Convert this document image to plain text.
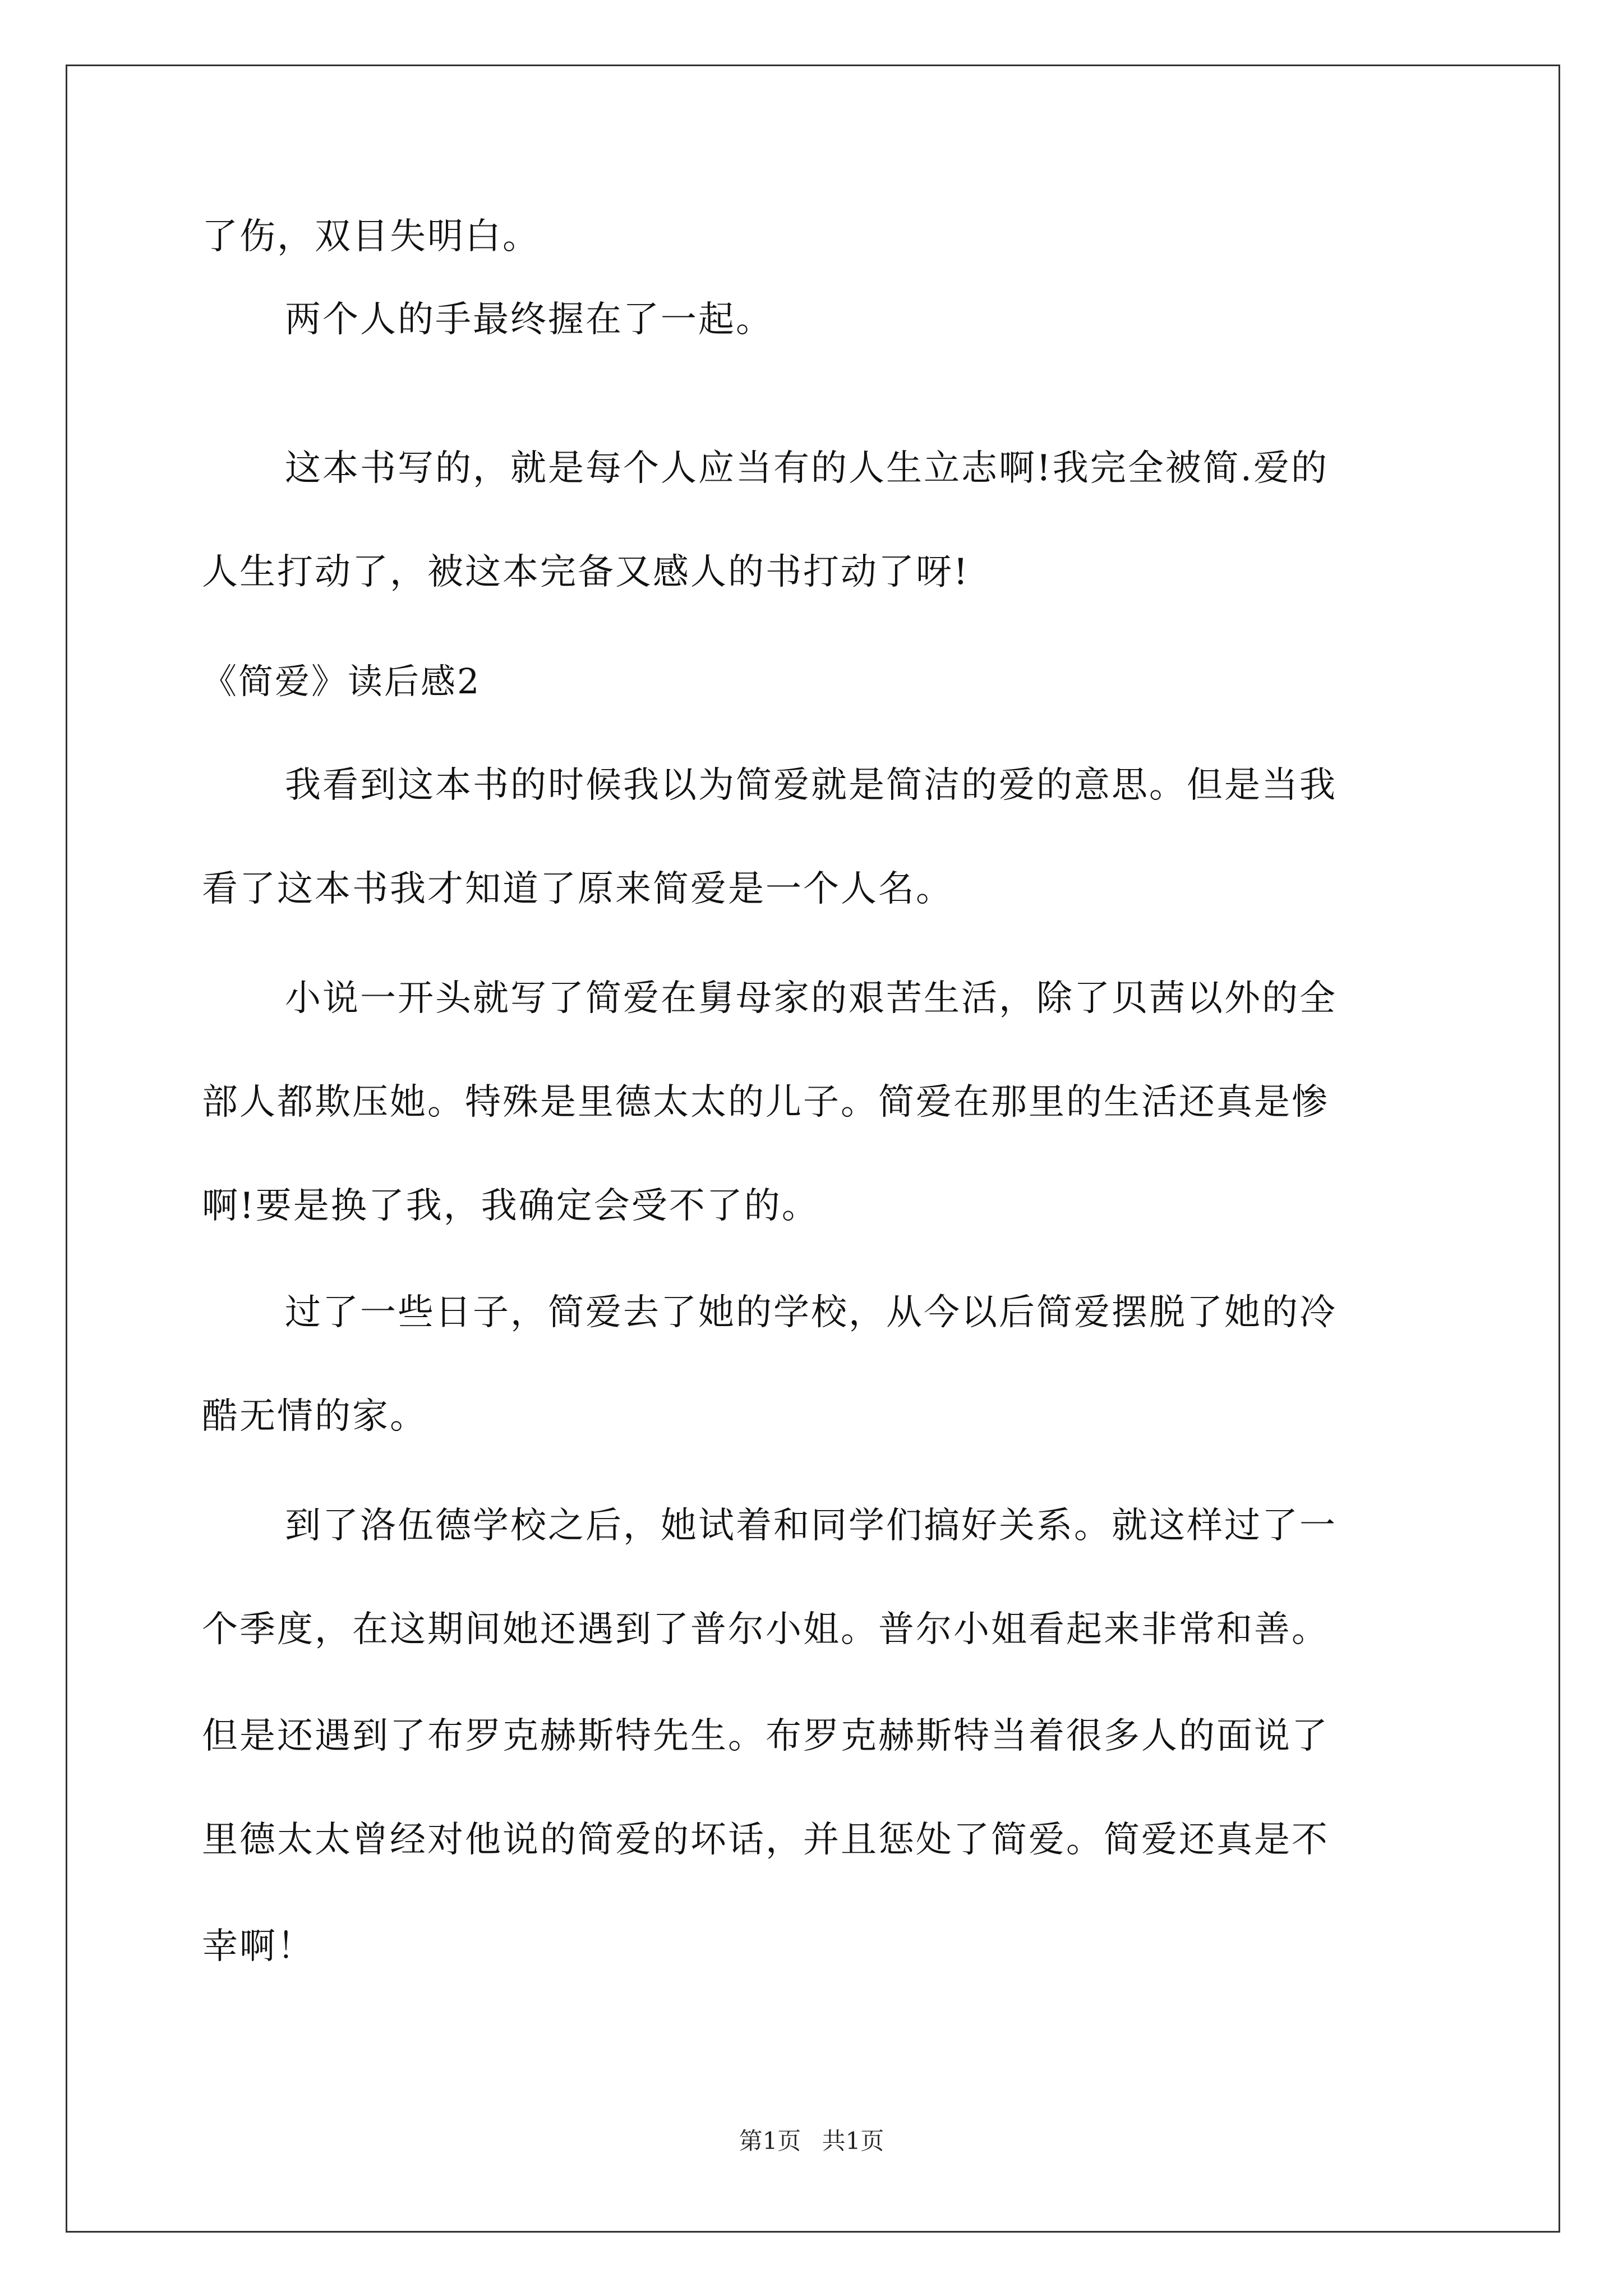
了伤，双目失明白。
两个人的手最终握在了一起。
这本书写的，就是每个人应当有的人生立志啊!我完全被简.爱的
人生打动了，被这本完备又感人的书打动了呀!
《简爱》读后感2
我看到这本书的时候我以为简爱就是简洁的爱的意思。但是当我
看了这本书我才知道了原来简爱是一个人名。
小说一开头就写了简爱在舅母家的艰苦生活，除了贝茜以外的全
部人都欺压她。特殊是里德太太的儿子。简爱在那里的生活还真是惨
啊!要是换了我，我确定会受不了的。
过了一些日子，简爱去了她的学校，从今以后简爱摆脱了她的冷
酷无情的家。
到了洛伍德学校之后，她试着和同学们搞好关系。就这样过了一
个季度，在这期间她还遇到了普尔小姐。普尔小姐看起来非常和善。
但是还遇到了布罗克赫斯特先生。布罗克赫斯特当着很多人的面说了
里德太太曾经对他说的简爱的坏话，并且惩处了简爱。简爱还真是不
幸啊！
第1页 共1页
